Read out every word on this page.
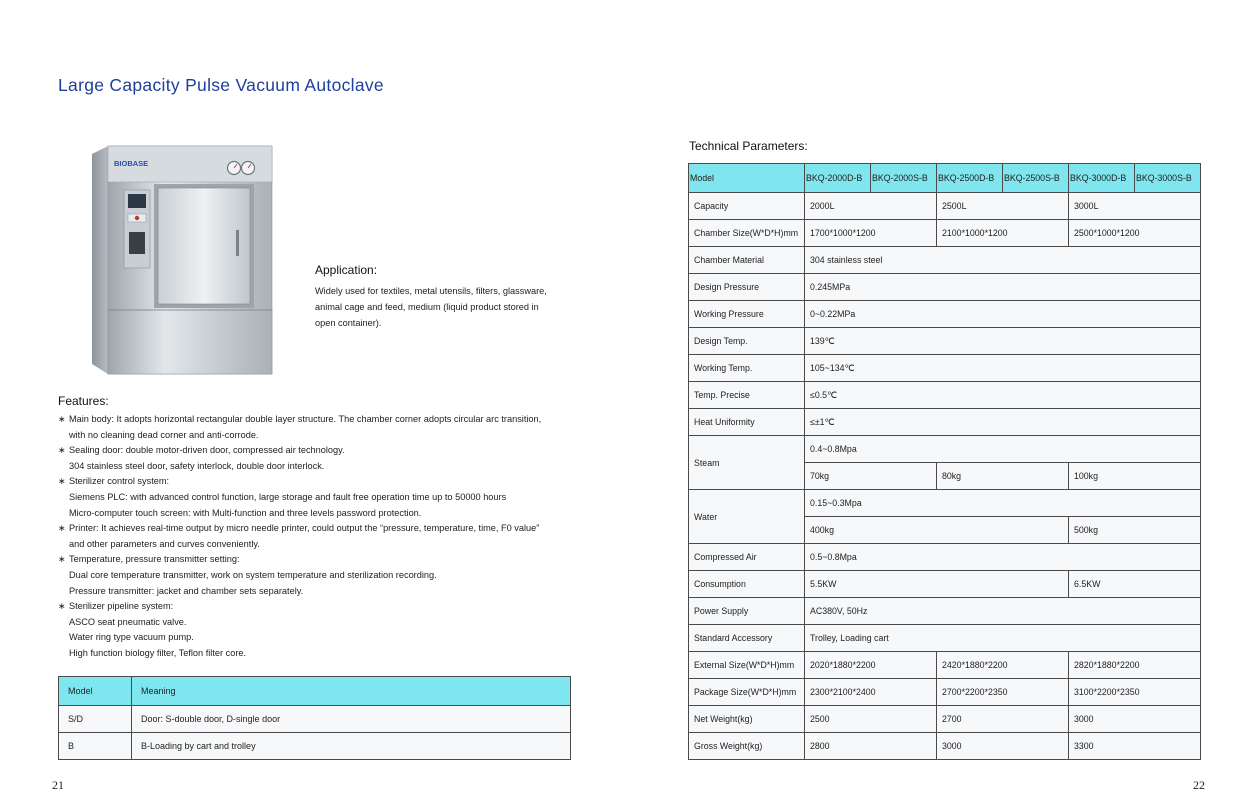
Large Capacity Pulse Vacuum Autoclave
BIOBASE
Application:
Widely used for textiles, metal utensils, filters, glassware,
animal cage and feed, medium (liquid product stored in
open container).
Features:
∗ Main body: It adopts horizontal rectangular double layer structure. The chamber corner adopts circular arc transition,
with no cleaning dead corner and anti-corrode.
∗ Sealing door: double motor-driven door, compressed air technology.
304 stainless steel door, safety interlock, double door interlock.
∗ Sterilizer control system:
Siemens PLC: with advanced control function, large storage and fault free operation time up to 50000 hours
Micro-computer touch screen: with Multi-function and three levels password protection.
∗ Printer: It achieves real-time output by micro needle printer, could output the “pressure, temperature, time, F0 value”
and other parameters and curves conveniently.
∗ Temperature, pressure transmitter setting:
Dual core temperature transmitter, work on system temperature and sterilization recording.
Pressure transmitter: jacket and chamber sets separately.
∗ Sterilizer pipeline system:
ASCO seat pneumatic valve.
Water ring type vacuum pump.
High function biology filter, Teflon filter core.
Model	Meaning
S/D	Door: S-double door, D-single door
B	B-Loading by cart and trolley
Technical Parameters:
Model	BKQ-2000D-B	BKQ-2000S-B	BKQ-2500D-B	BKQ-2500S-B	BKQ-3000D-B	BKQ-3000S-B
Capacity	2000L		2500L		3000L	
Chamber Size(W*D*H)mm	1700*1000*1200		2100*1000*1200		2500*1000*1200	
Chamber Material	304 stainless steel					
Design Pressure	0.245MPa					
Working Pressure	0~0.22MPa					
Design Temp.	139℃					
Working Temp.	105~134℃					
Temp. Precise	≤0.5℃					
Heat Uniformity	≤±1℃					
Steam	0.4~0.8Mpa					
	70kg		80kg		100kg	
Water	0.15~0.3Mpa					
	400kg				500kg	
Compressed Air	0.5~0.8Mpa					
Consumption	5.5KW				6.5KW	
Power Supply	AC380V, 50Hz					
Standard Accessory	Trolley, Loading cart					
External Size(W*D*H)mm	2020*1880*2200		2420*1880*2200		2820*1880*2200	
Package Size(W*D*H)mm	2300*2100*2400		2700*2200*2350		3100*2200*2350	
Net Weight(kg)	2500		2700		3000	
Gross Weight(kg)	2800		3000		3300	
21	22
